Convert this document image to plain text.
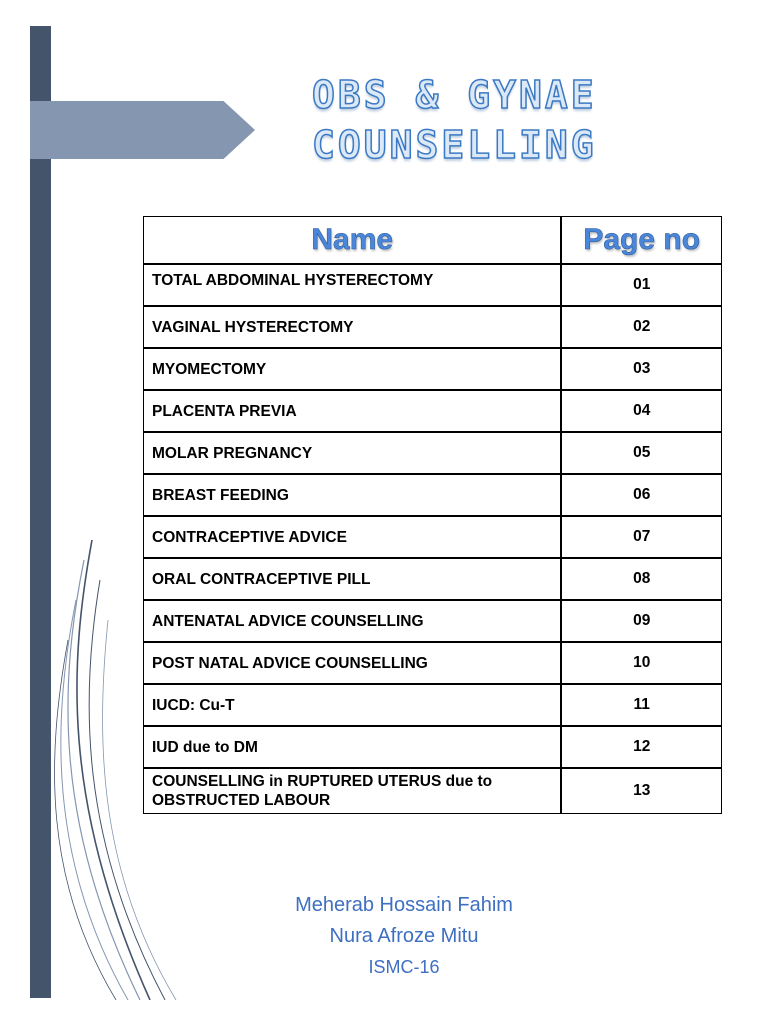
OBS & GYNAE
COUNSELLING
Name	Page no
TOTAL ABDOMINAL HYSTERECTOMY	01
VAGINAL HYSTERECTOMY	02
MYOMECTOMY	03
PLACENTA PREVIA	04
MOLAR PREGNANCY	05
BREAST FEEDING	06
CONTRACEPTIVE ADVICE	07
ORAL CONTRACEPTIVE PILL	08
ANTENATAL ADVICE COUNSELLING	09
POST NATAL ADVICE COUNSELLING	10
IUCD: Cu-T	11
IUD due to DM	12
COUNSELLING in RUPTURED UTERUS due to OBSTRUCTED LABOUR	13
Meherab Hossain Fahim
Nura Afroze Mitu
ISMC-16
